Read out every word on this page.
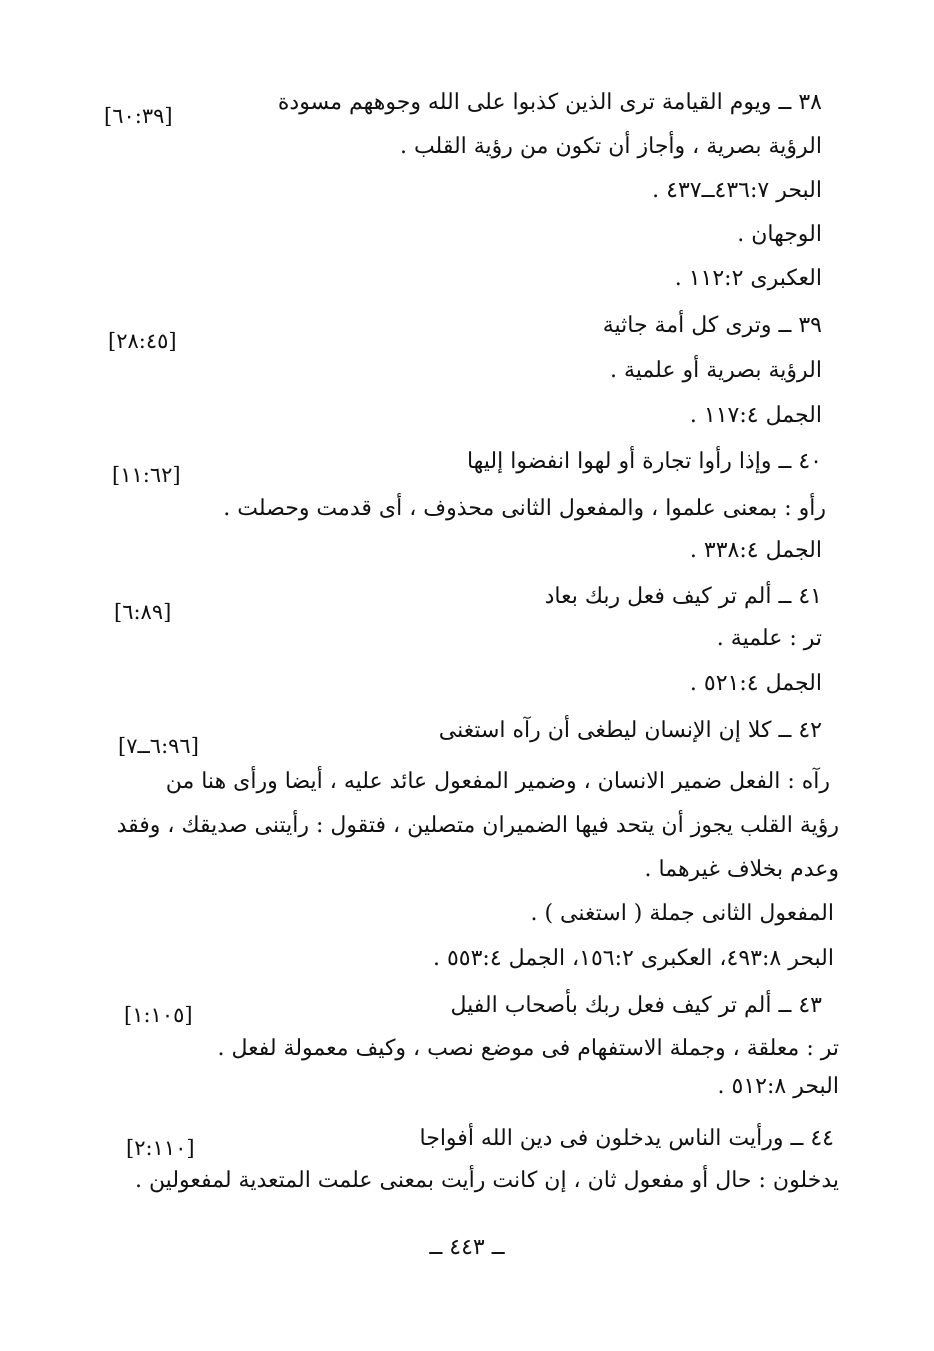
٣٨ ــ ويوم القيامة ترى الذين كذبوا على الله وجوههم مسودة
[٦٠:٣٩]
الرؤية بصرية ، وأجاز أن تكون من رؤية القلب .
البحر ٤٣٦:٧ــ٤٣٧ .
الوجهان .
العكبرى ١١٢:٢ .
٣٩ ــ وترى كل أمة جاثية
[٢٨:٤٥]
الرؤية بصرية أو علمية .
الجمل ١١٧:٤ .
٤٠ ــ وإذا رأوا تجارة أو لهوا انفضوا إليها
[١١:٦٢]
رأو : بمعنى علموا ، والمفعول الثانى محذوف ، أى قدمت وحصلت .
الجمل ٣٣٨:٤ .
٤١ ــ ألم تر كيف فعل ربك بعاد
[٦:٨٩]
تر : علمية .
الجمل ٥٢١:٤ .
٤٢ ــ كلا إن الإنسان ليطغى أن رآه استغنى
[٦:٩٦ــ٧]
رآه : الفعل ضمير الانسان ، وضمير المفعول عائد عليه ، أيضا ورأى هنا من
رؤية القلب يجوز أن يتحد فيها الضميران متصلين ، فتقول : رأيتنى صديقك ، وفقد
وعدم بخلاف غيرهما .
المفعول الثانى جملة ( استغنى ) .
البحر ٤٩٣:٨، العكبرى ١٥٦:٢، الجمل ٥٥٣:٤ .
٤٣ ــ ألم تر كيف فعل ربك بأصحاب الفيل
[١:١٠٥]
تر : معلقة ، وجملة الاستفهام فى موضع نصب ، وكيف معمولة لفعل .
البحر ٥١٢:٨ .
٤٤ ــ ورأيت الناس يدخلون فى دين الله أفواجا
[٢:١١٠]
يدخلون : حال أو مفعول ثان ، إن كانت رأيت بمعنى علمت المتعدية لمفعولين .
ــ ٤٤٣ ــ
